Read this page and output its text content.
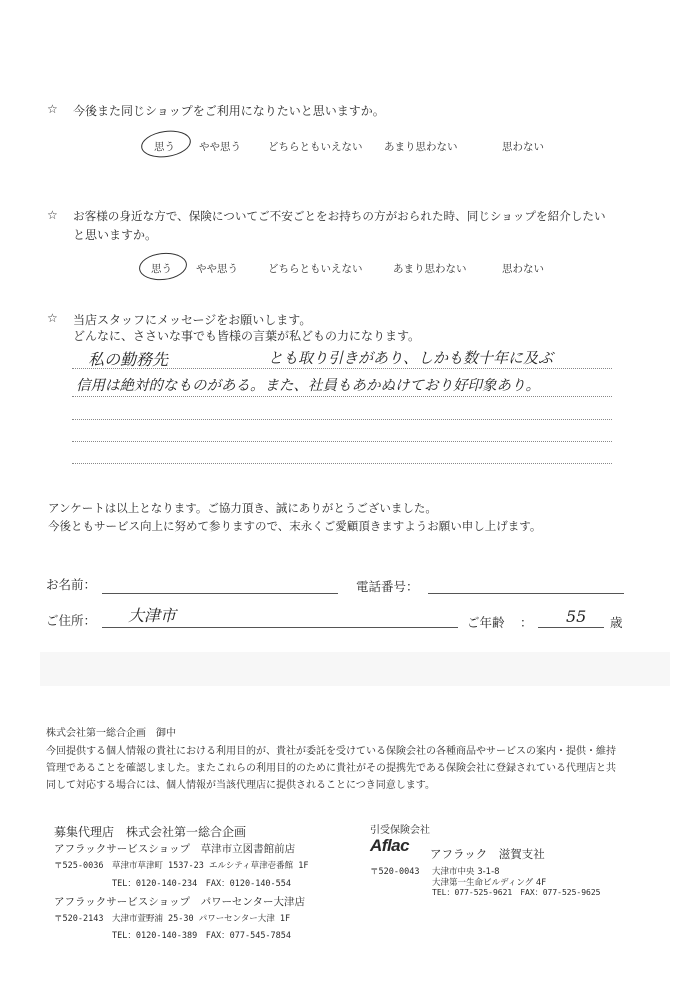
☆ 今後また同じショップをご利用になりたいと思いますか。
思う やや思う	どちらともいえない あまり思わない	思わない
☆ お客様の身近な方で、保険についてご不安ごとをお持ちの方がおられた時、同じショップを紹介したい
と思いますか。
思う やや思う	どちらともいえない	あまり思わない	思わない
☆ 当店スタッフにメッセージをお願いします。
どんなに、ささいな事でも皆様の言葉が私どもの力になります。
私の勤務先	とも取り引きがあり、しかも数十年に及ぶ
信用は絶対的なものがある。また、社員もあかぬけており好印象あり。
アンケートは以上となります。ご協力頂き、誠にありがとうございました。
今後ともサービス向上に努めて参りますので、末永くご愛顧頂きますようお願い申し上げます。
お名前：	電話番号：
ご住所： 大津市	ご年齢 ： 55 歳
株式会社第一総合企画　御中
今回提供する個人情報の貴社における利用目的が、貴社が委託を受けている保険会社の各種商品やサービスの案内・提供・維持
管理であることを確認しました。またこれらの利用目的のために貴社がその提携先である保険会社に登録されている代理店と共
同して対応する場合には、個人情報が当該代理店に提供されることにつき同意します。
募集代理店　株式会社第一総合企画
アフラックサービスショップ　草津市立図書館前店
〒525-0036　草津市草津町 1537-23 エルシティ草津壱番館 1F
TEL：0120-140-234　FAX：0120-140-554
アフラックサービスショップ　パワーセンター大津店
〒520-2143　大津市萱野浦 25-30 パワーセンター大津 1F
TEL：0120-140-389　FAX：077-545-7854
引受保険会社
Aflac アフラック　滋賀支社
〒520-0043 大津市中央 3-1-8
大津第一生命ビルディング 4F
TEL：077-525-9621　FAX：077-525-9625
